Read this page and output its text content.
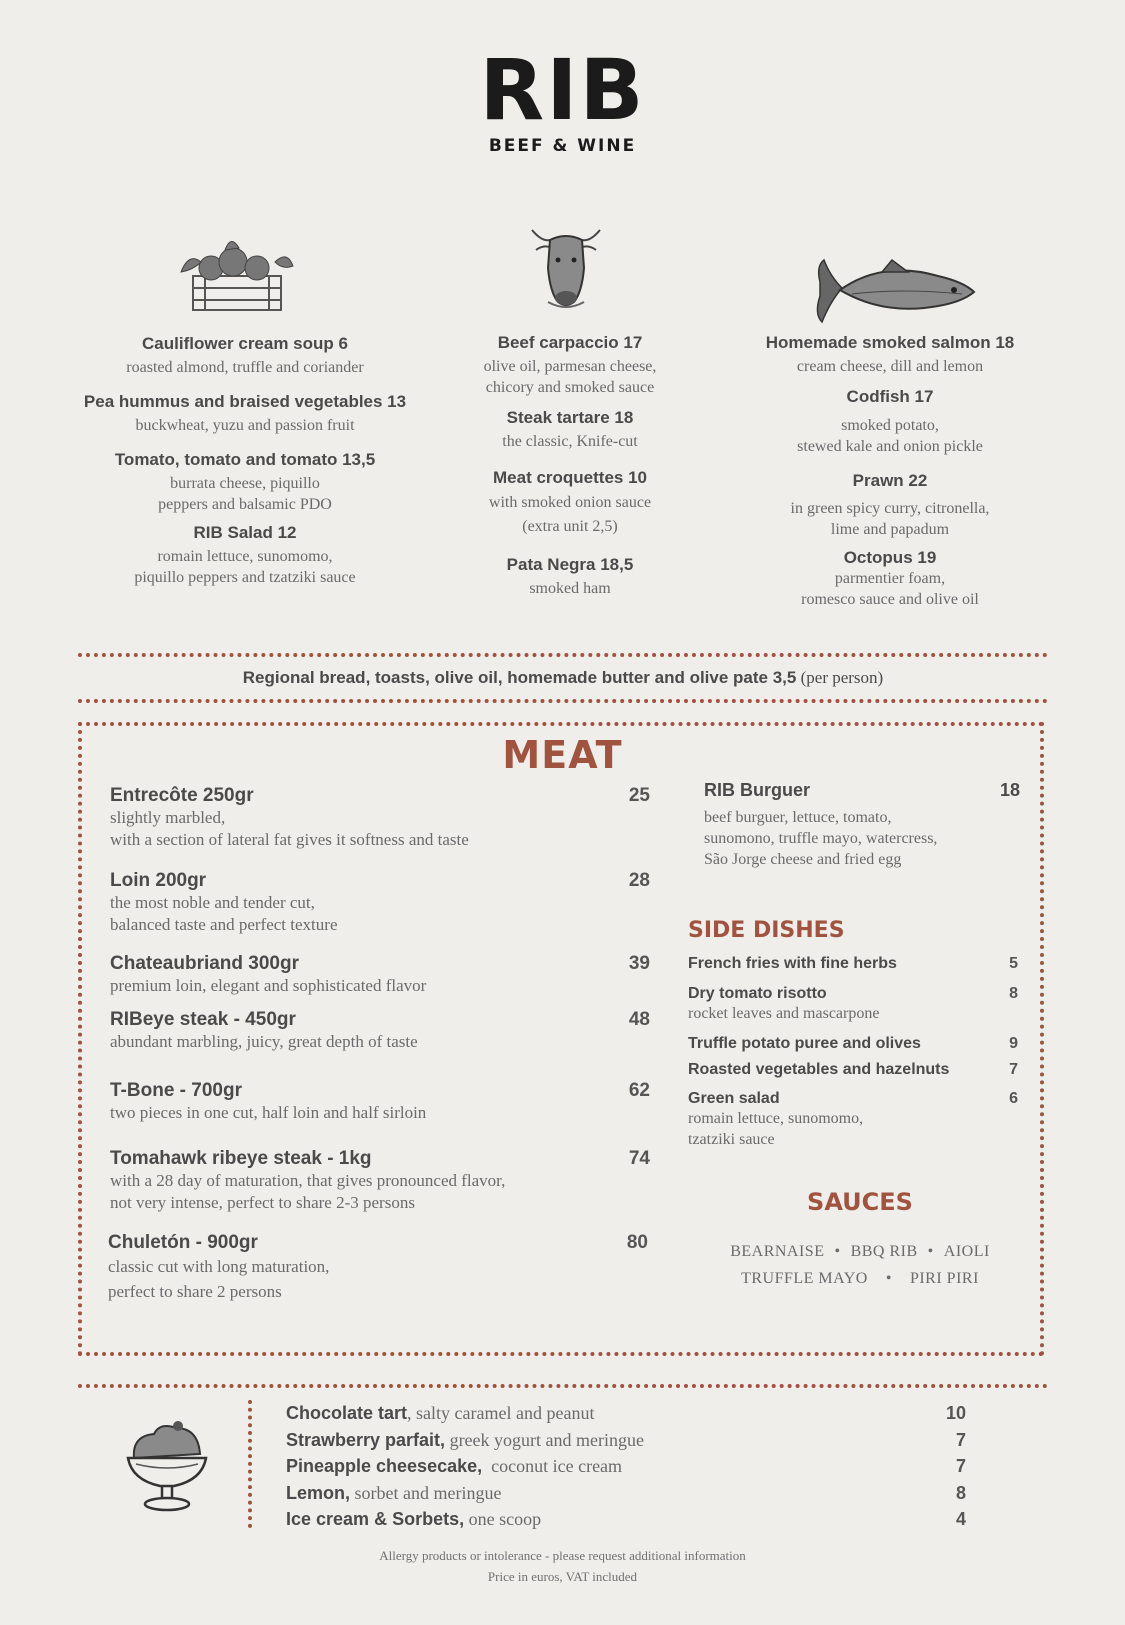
RIB
BEEF & WINE
Cauliflower cream soup 6
roasted almond, truffle and coriander
Pea hummus and braised vegetables 13
buckwheat, yuzu and passion fruit
Tomato, tomato and tomato 13,5
burrata cheese, piquillo
peppers and balsamic PDO
RIB Salad 12
romain lettuce, sunomomo,
piquillo peppers and tzatziki sauce
Beef carpaccio 17
olive oil, parmesan cheese,
chicory and smoked sauce
Steak tartare 18
the classic, Knife-cut
Meat croquettes 10
with smoked onion sauce
(extra unit 2,5)
Pata Negra 18,5
smoked ham
Homemade smoked salmon 18
cream cheese, dill and lemon
Codfish 17
smoked potato,
stewed kale and onion pickle
Prawn 22
in green spicy curry, citronella,
lime and papadum
Octopus 19
parmentier foam,
romesco sauce and olive oil
Regional bread, toasts, olive oil, homemade butter and olive pate 3,5 (per person)
MEAT
Entrecôte 250gr	25
slightly marbled,
with a section of lateral fat gives it softness and taste
Loin 200gr	28
the most noble and tender cut,
balanced taste and perfect texture
Chateaubriand 300gr	39
premium loin, elegant and sophisticated flavor
RIBeye steak - 450gr	48
abundant marbling, juicy, great depth of taste
T-Bone - 700gr	62
two pieces in one cut, half loin and half sirloin
Tomahawk ribeye steak - 1kg	74
with a 28 day of maturation, that gives pronounced flavor,
not very intense, perfect to share 2-3 persons
Chuletón - 900gr	80
classic cut with long maturation,
perfect to share 2 persons
RIB Burguer	18
beef burguer, lettuce, tomato,
sunomono, truffle mayo, watercress,
São Jorge cheese and fried egg
SIDE DISHES
French fries with fine herbs	5
Dry tomato risotto	8
rocket leaves and mascarpone
Truffle potato puree and olives	9
Roasted vegetables and hazelnuts	7
Green salad	6
romain lettuce, sunomomo,
tzatziki sauce
SAUCES
BEARNAISE • BBQ RIB • AIOLI
TRUFFLE MAYO • PIRI PIRI
Chocolate tart, salty caramel and peanut	10
Strawberry parfait, greek yogurt and meringue	7
Pineapple cheesecake,  coconut ice cream	7
Lemon, sorbet and meringue	8
Ice cream & Sorbets, one scoop	4
Allergy products or intolerance - please request additional information
Price in euros, VAT included
